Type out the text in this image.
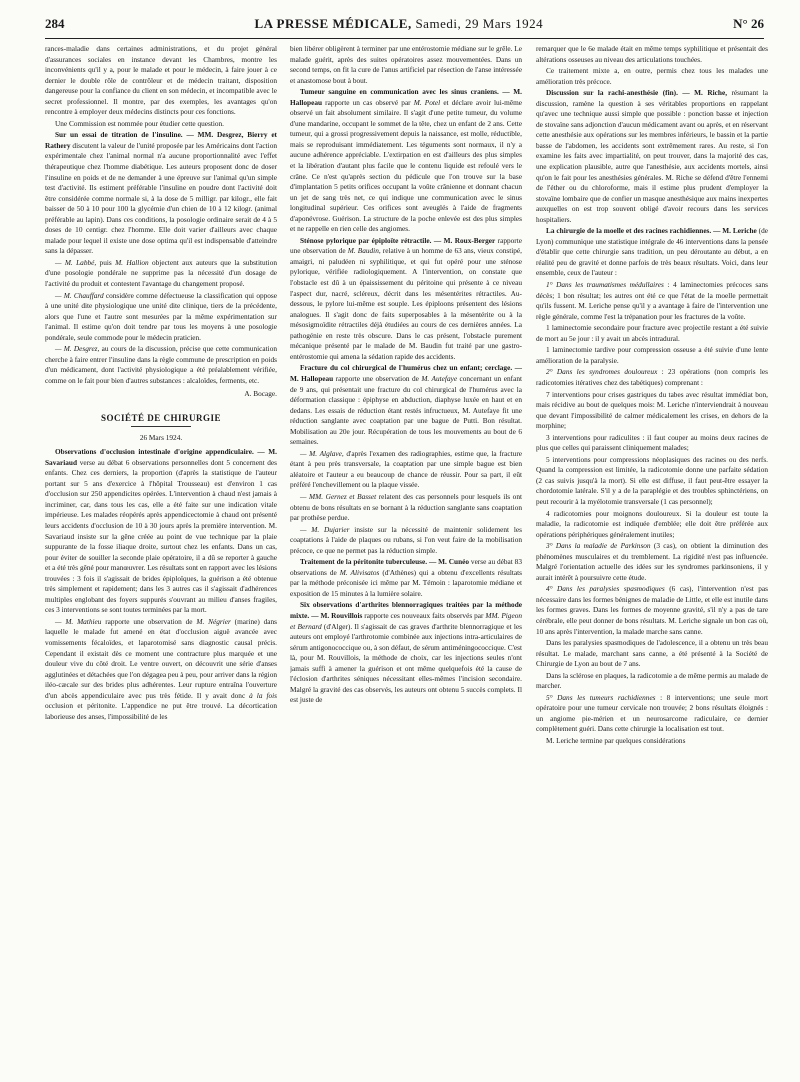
284	LA PRESSE MÉDICALE, Samedi, 29 Mars 1924	N° 26

rances-maladie dans certaines administrations, et du projet général d'assurances sociales en instance devant les Chambres, montre les inconvénients qu'il y a, pour le malade et pour le médecin, à faire jouer à ce dernier le double rôle de contrôleur et de médecin traitant, disposition dangereuse pour la confiance du client en son médecin, et incompatible avec le secret professionnel. Il montre, par des exemples, les avantages qu'on rencontre à employer deux médecins distincts pour ces fonctions.

Une Commission est nommée pour étudier cette question.

Sur un essai de titration de l'insuline. — MM. Desgrez, Bierry et Rathery discutent la valeur de l'unité proposée par les Américains dont l'action expérimentale chez l'animal normal n'a aucune proportionnalité avec l'effet thérapeutique chez l'homme diabétique. Les auteurs proposent donc de doser l'insuline en poids et de ne demander à une épreuve sur l'animal qu'un simple test d'activité. Ils estiment préférable l'insuline en poudre dont l'activité doit être considérée comme normale si, à la dose de 5 milligr. par kilogr., elle fait baisser de 50 à 10 pour 100 la glycémie d'un chien de 10 à 12 kilogr. (animal préférable au lapin). Dans ces conditions, la posologie ordinaire serait de 4 à 5 doses de 10 centigr. chez l'homme. Elle doit varier d'ailleurs avec chaque malade pour lequel il existe une dose optima qu'il est indispensable d'atteindre sans la dépasser.

— M. Labbé, puis M. Hallion objectent aux auteurs que la substitution d'une posologie pondérale ne supprime pas la nécessité d'un dosage de l'activité du produit et contestent l'avantage du changement proposé.

— M. Chauffard considère comme défectueuse la classification qui oppose à une unité dite physiologique une unité dite clinique, tiers de la précédente, alors que l'une et l'autre sont mesurées par la même expérimentation sur l'animal. Il estime qu'on doit tendre par tous les moyens à une posologie pondérale, seule commode pour le médecin praticien.

— M. Desgrez, au cours de la discussion, précise que cette communication cherche à faire entrer l'insuline dans la règle commune de prescription en poids d'un médicament, dont l'activité physiologique a été préalablement vérifiée, comme on le fait pour bien d'autres substances : alcaloïdes, ferments, etc.

A. Bocage.

SOCIÉTÉ DE CHIRURGIE

26 Mars 1924.

Observations d'occlusion intestinale d'origine appendiculaire. — M. Savariaud verse au débat 6 observations personnelles dont 5 concernent des enfants. Chez ces derniers, la proportion (d'après la statistique de l'auteur portant sur 5 ans d'exercice à l'hôpital Trousseau) est d'environ 1 cas d'occlusion sur 250 appendicites opérées. L'intervention à chaud n'est jamais à incriminer, car, dans tous les cas, elle a été faite sur une indication vitale impérieuse. Les malades réopérés après appendicectomie à chaud ont présenté leurs accidents d'occlusion de 10 à 30 jours après la première intervention. M. Savariaud insiste sur la gêne créée au point de vue technique par la plaie suppurante de la fosse iliaque droite, surtout chez les enfants. Dans un cas, pour éviter de souiller la seconde plaie opératoire, il a dû se reporter à gauche et a été très gêné pour manœuvrer. Les résultats sont en rapport avec les lésions trouvées : 3 fois il s'agissait de brides épiploïques, la guérison a été obtenue très simplement et rapidement; dans les 3 autres cas il s'agissait d'adhérences multiples englobant des foyers suppurés s'ouvrant au milieu d'anses fragiles, ces 3 interventions se sont toutes terminées par la mort.

— M. Mathieu rapporte une observation de M. Négrier (marine) dans laquelle le malade fut amené en état d'occlusion aiguë avancée avec vomissements fécaloïdes, et laparotomisé sans diagnostic causal précis. Cependant il existait dès ce moment une contracture plus marquée et une douleur vive du côté droit. Le ventre ouvert, on découvrit une série d'anses agglutinées et détachées que l'on dégagea peu à peu, pour arriver dans la région iléo-cæcale sur des brides plus adhérentes. Leur rupture entraîna l'ouverture d'un abcès appendiculaire avec pus très fétide. Il y avait donc à la fois occlusion et péritonite. L'appendice ne put être trouvé. La décortication laborieuse des anses, l'impossibilité de les

bien libérer obligèrent à terminer par une entérostomie médiane sur le grêle. Le malade guérit, après des suites opératoires assez mouvementées. Dans un second temps, on fit la cure de l'anus artificiel par résection de l'anse intéressée et anastomose bout à bout.

Tumeur sanguine en communication avec les sinus craniens. — M. Hallopeau rapporte un cas observé par M. Potel et déclare avoir lui-même observé un fait absolument similaire. Il s'agit d'une petite tumeur, du volume d'une mandarine, occupant le sommet de la tête, chez un enfant de 2 ans. Cette tumeur, qui a grossi progressivement depuis la naissance, est molle, réductible, mais se reproduisant immédiatement. Les téguments sont normaux, il n'y a aucune adhérence appréciable. L'extirpation en est d'ailleurs des plus simples et la libération d'autant plus facile que le contenu liquide est refoulé vers le crâne. Ce n'est qu'après section du pédicule que l'on trouve sur la base d'implantation 5 petits orifices occupant la voûte crânienne et donnant chacun un jet de sang très net, ce qui indique une communication avec le sinus longitudinal supérieur. Ces orifices sont aveuglés à l'aide de fragments d'aponévrose. Guérison. La structure de la poche enlevée est des plus simples et ne rappelle en rien celle des angiomes.

Sténose pylorique par épiploïte rétractile. — M. Roux-Berger rapporte une observation de M. Baudin, relative à un homme de 63 ans, vieux constipé, amaigri, ni paludéen ni syphilitique, et qui fut opéré pour une sténose pylorique, vérifiée radiologiquement. A l'intervention, on constate que l'obstacle est dû à un épaississement du péritoine qui présente à ce niveau l'aspect dur, nacré, scléreux, décrit dans les mésentérites rétractiles. Au-dessous, le pylore lui-même est souple. Les épiploons présentent des lésions analogues. Il s'agit donc de faits superposables à la mésentérite ou à la mésosigmoïdite rétractiles déjà étudiées au cours de ces dernières années. La pathogénie en reste très obscure. Dans le cas présent, l'obstacle purement mécanique présenté par le malade de M. Baudin fut traité par une gastro-entérostomie qui amena la sédation rapide des accidents.

Fracture du col chirurgical de l'humérus chez un enfant; cerclage. — M. Hallopeau rapporte une observation de M. Autefaye concernant un enfant de 9 ans, qui présentait une fracture du col chirurgical de l'humérus avec la déformation classique : épiphyse en abduction, diaphyse luxée en haut et en dedans. Les essais de réduction étant restés infructueux, M. Autefaye fit une réduction sanglante avec coaptation par une bague de Putti. Bon résultat. Mobilisation au 20e jour. Récupération de tous les mouvements au bout de 6 semaines.

— M. Alglave, d'après l'examen des radiographies, estime que, la fracture étant à peu près transversale, la coaptation par une simple bague est bien aléatoire et l'auteur a eu beaucoup de chance de réussir. Pour sa part, il eût préféré l'enchevillement ou la plaque vissée.

— MM. Gernez et Basset relatent des cas personnels pour lesquels ils ont obtenu de bons résultats en se bornant à la réduction sanglante sans coaptation par prothèse perdue.

— M. Dujarier insiste sur la nécessité de maintenir solidement les coaptations à l'aide de plaques ou rubans, si l'on veut faire de la mobilisation précoce, ce que ne permet pas la réduction simple.

Traitement de la péritonite tuberculeuse. — M. Cunéo verse au débat 83 observations de M. Alivisatos (d'Athènes) qui a obtenu d'excellents résultats par la méthode préconisée ici même par M. Témoin : laparotomie médiane et exposition de 15 minutes à la lumière solaire.

Six observations d'arthrites blennorragiques traitées par la méthode mixte. — M. Rouvillois rapporte ces nouveaux faits observés par MM. Pigeon et Bernard (d'Alger). Il s'agissait de cas graves d'arthrite blennorragique et les auteurs ont employé l'arthrotomie combinée aux injections intra-articulaires de sérum antigonococcique ou, à son défaut, de sérum antiméningococcique. C'est là, pour M. Rouvillois, la méthode de choix, car les injections seules n'ont jamais suffi à amener la guérison et ont même quelquefois été la cause de l'éclosion d'arthrites séniques nécessitant elles-mêmes l'incision secondaire. Malgré la gravité des cas observés, les auteurs ont obtenu 5 succès complets. Il est juste de

remarquer que le 6e malade était en même temps syphilitique et présentait des altérations osseuses au niveau des articulations touchées.

Ce traitement mixte a, en outre, permis chez tous les malades une amélioration très précoce.

Discussion sur la rachi-anesthésie (fin). — M. Riche, résumant la discussion, ramène la question à ses véritables proportions en rappelant qu'avec une technique aussi simple que possible : ponction basse et injection de stovaïne sans adjonction d'aucun médicament avant ou après, et en réservant cette anesthésie aux opérations sur les membres inférieurs, le bassin et la partie basse de l'abdomen, les accidents sont extrêmement rares. Au reste, si l'on examine les faits avec impartialité, on peut trouver, dans la majorité des cas, une explication plausible, autre que l'anesthésie, aux accidents mortels, ainsi qu'on le fait pour les anesthésies générales. M. Riche se défend d'être l'ennemi de l'éther ou du chloroforme, mais il estime plus prudent d'employer la stovaïne lombaire que de confier un masque anesthésique aux mains inexpertes auxquelles on est trop souvent obligé d'avoir recours dans les services hospitaliers.

La chirurgie de la moelle et des racines rachidiennes. — M. Leriche (de Lyon) communique une statistique intégrale de 46 interventions dans la pensée d'établir que cette chirurgie sans tradition, un peu déroutante au début, a en réalité peu de gravité et donne parfois de très beaux résultats. Voici, dans leur ensemble, ceux de l'auteur :

1° Dans les traumatismes médullaires : 4 laminectomies précoces sans décès; 1 bon résultat; les autres ont été ce que l'état de la moelle permettait qu'ils fussent. M. Leriche pense qu'il y a avantage à faire de l'intervention une règle générale, comme l'est la trépanation pour les fractures de la voûte.

1 laminectomie secondaire pour fracture avec projectile restant a été suivie de mort au 5e jour : il y avait un abcès intradural.

1 laminectomie tardive pour compression osseuse a été suivie d'une lente amélioration de la paralysie.

2° Dans les syndromes douloureux : 23 opérations (non compris les radicotomies itératives chez des tabétiques) comprenant :

7 interventions pour crises gastriques du tabes avec résultat immédiat bon, mais récidive au bout de quelques mois: M. Leriche n'interviendrait à nouveau que devant l'impossibilité de calmer médicalement les crises, en dehors de la morphine;

3 interventions pour radiculites : il faut couper au moins deux racines de plus que celles qui paraissent cliniquement malades;

5 interventions pour compressions néoplasiques des racines ou des nerfs. Quand la compression est limitée, la radicotomie donne une parfaite sédation (2 cas suivis jusqu'à la mort). Si elle est diffuse, il faut peut-être essayer la chordotomie latérale. S'il y a de la paraplégie et des troubles sphinctériens, on peut recourir à la myélotomie transversale (1 cas personnel);

4 radicotomies pour moignons douloureux. Si la douleur est toute la maladie, la radicotomie est indiquée d'emblée; elle doit être préférée aux opérations périphériques généralement inutiles;

3° Dans la maladie de Parkinson (3 cas), on obtient la diminution des phénomènes musculaires et du tremblement. La rigidité n'est pas influencée. Malgré l'orientation actuelle des idées sur les syndromes parkinsoniens, il y aurait intérêt à poursuivre cette étude.

4° Dans les paralysies spasmodiques (6 cas), l'intervention n'est pas nécessaire dans les formes bénignes de maladie de Little, et elle est inutile dans les formes graves. Dans les formes de moyenne gravité, s'il n'y a pas de tare cérébrale, elle peut donner de bons résultats. M. Leriche signale un bon cas où, 10 ans après l'intervention, la malade marche sans canne.

Dans les paralysies spasmodiques de l'adolescence, il a obtenu un très beau résultat. Le malade, marchant sans canne, a été présenté à la Société de Chirurgie de Lyon au bout de 7 ans.

Dans la sclérose en plaques, la radicotomie a de même permis au malade de marcher.

5° Dans les tumeurs rachidiennes : 8 interventions; une seule mort opératoire pour une tumeur cervicale non trouvée; 2 bons résultats éloignés : un angiome pie-mérien et un neurosarcome radiculaire, ce dernier complètement guéri. Dans cette chirurgie la localisation est tout.

M. Leriche termine par quelques considérations
